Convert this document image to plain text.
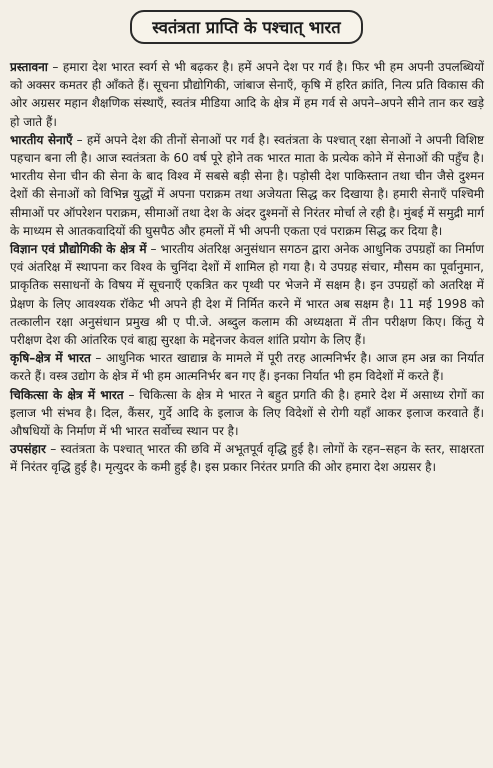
स्वतंत्रता प्राप्ति के पश्चात् भारत

प्रस्तावना – हमारा देश भारत स्वर्ग से भी बढ़कर है। हमें अपने देश पर गर्व है। फिर भी हम अपनी उपलब्धियों को अक्सर कमतर ही आँकते हैं। सूचना प्रौद्योगिकी, जांबाज सेनाएँ, कृषि में हरित क्रांति, नित्य प्रति विकास की ओर अग्रसर महान शैक्षणिक संस्थाएँ, स्वतंत्र मीडिया आदि के क्षेत्र में हम गर्व से अपने–अपने सीने तान कर खड़े हो जाते हैं।

भारतीय सेनाएँ – हमें अपने देश की तीनों सेनाओं पर गर्व है। स्वतंत्रता के पश्चात् रक्षा सेनाओं ने अपनी विशिष्ट पहचान बना ली है। आज स्वतंत्रता के 60 वर्ष पूरे होने तक भारत माता के प्रत्येक कोने में सेनाओं की पहुँच है। भारतीय सेना चीन की सेना के बाद विश्व में सबसे बड़ी सेना है। पड़ोसी देश पाकिस्तान तथा चीन जैसे दुश्मन देशों की सेनाओं को विभिन्न युद्धों में अपना पराक्रम तथा अजेयता सिद्ध कर दिखाया है। हमारी सेनाएँ पश्चिमी सीमाओं पर ऑपरेशन पराक्रम, सीमाओं तथा देश के अंदर दुश्मनों से निरंतर मोर्चा ले रही है। मुंबई में समुद्री मार्ग के माध्यम से आतकवादियों की घुसपैठ और हमलों में भी अपनी एकता एवं पराक्रम सिद्ध कर दिया है।

विज्ञान एवं प्रौद्योगिकी के क्षेत्र में – भारतीय अंतरिक्ष अनुसंधान सगठन द्वारा अनेक आधुनिक उपग्रहों का निर्माण एवं अंतरिक्ष में स्थापना कर विश्व के चुनिंदा देशों में शामिल हो गया है। ये उपग्रह संचार, मौसम का पूर्वानुमान, प्राकृतिक ससाधनों के विषय में सूचनाएँ एकत्रित कर पृथ्वी पर भेजने में सक्षम है। इन उपग्रहों को अतरिक्ष में प्रेक्षण के लिए आवश्यक रॉकेट भी अपने ही देश में निर्मित करने में भारत अब सक्षम है। 11 मई 1998 को तत्कालीन रक्षा अनुसंधान प्रमुख श्री ए पी.जे. अब्दुल कलाम की अध्यक्षता में तीन परीक्षण किए। किंतु ये परीक्षण देश की आंतरिक एवं बाह्य सुरक्षा के मद्देनजर केवल शांति प्रयोग के लिए हैं।

कृषि–क्षेत्र में भारत – आधुनिक भारत खाद्यान्न के मामले में पूरी तरह आत्मनिर्भर है। आज हम अन्न का निर्यात करते हैं। वस्त्र उद्योग के क्षेत्र में भी हम आत्मनिर्भर बन गए हैं। इनका निर्यात भी हम विदेशों में करते हैं।

चिकित्सा के क्षेत्र में भारत – चिकित्सा के क्षेत्र मे भारत ने बहुत प्रगति की है। हमारे देश में असाध्य रोगों का इलाज भी संभव है। दिल, कैंसर, गुर्दे आदि के इलाज के लिए विदेशों से रोगी यहाँ आकर इलाज करवाते हैं। औषधियों के निर्माण में भी भारत सर्वोच्च स्थान पर है।

उपसंहार – स्वतंत्रता के पश्चात् भारत की छवि में अभूतपूर्व वृद्धि हुई है। लोगों के रहन–सहन के स्तर, साक्षरता में निरंतर वृद्धि हुई है। मृत्युदर के कमी हुई है। इस प्रकार निरंतर प्रगति की ओर हमारा देश अग्रसर है।
